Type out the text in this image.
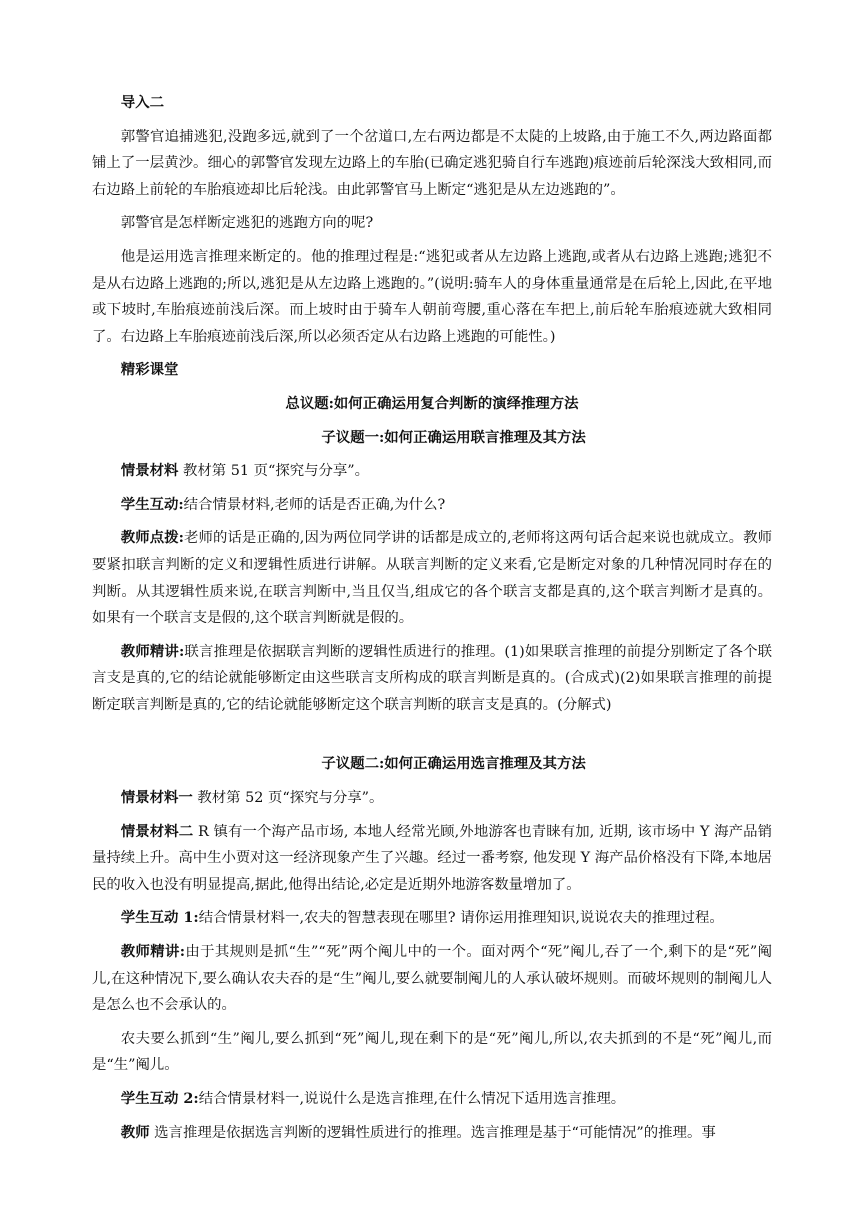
导入二

郭警官追捕逃犯,没跑多远,就到了一个岔道口,左右两边都是不太陡的上坡路,由于施工不久,两边路面都铺上了一层黄沙。细心的郭警官发现左边路上的车胎(已确定逃犯骑自行车逃跑)痕迹前后轮深浅大致相同,而右边路上前轮的车胎痕迹却比后轮浅。由此郭警官马上断定“逃犯是从左边逃跑的”。

郭警官是怎样断定逃犯的逃跑方向的呢?

他是运用选言推理来断定的。他的推理过程是:“逃犯或者从左边路上逃跑,或者从右边路上逃跑;逃犯不是从右边路上逃跑的;所以,逃犯是从左边路上逃跑的。”(说明:骑车人的身体重量通常是在后轮上,因此,在平地或下坡时,车胎痕迹前浅后深。而上坡时由于骑车人朝前弯腰,重心落在车把上,前后轮车胎痕迹就大致相同了。右边路上车胎痕迹前浅后深,所以必须否定从右边路上逃跑的可能性。)

精彩课堂

总议题:如何正确运用复合判断的演绎推理方法

子议题一:如何正确运用联言推理及其方法

情景材料 教材第 51 页“探究与分享”。

学生互动:结合情景材料,老师的话是否正确,为什么?

教师点拨:老师的话是正确的,因为两位同学讲的话都是成立的,老师将这两句话合起来说也就成立。教师要紧扣联言判断的定义和逻辑性质进行讲解。从联言判断的定义来看,它是断定对象的几种情况同时存在的判断。从其逻辑性质来说,在联言判断中,当且仅当,组成它的各个联言支都是真的,这个联言判断才是真的。如果有一个联言支是假的,这个联言判断就是假的。

教师精讲:联言推理是依据联言判断的逻辑性质进行的推理。(1)如果联言推理的前提分别断定了各个联言支是真的,它的结论就能够断定由这些联言支所构成的联言判断是真的。(合成式)(2)如果联言推理的前提断定联言判断是真的,它的结论就能够断定这个联言判断的联言支是真的。(分解式)

子议题二:如何正确运用选言推理及其方法

情景材料一 教材第 52 页“探究与分享”。

情景材料二 R 镇有一个海产品市场, 本地人经常光顾,外地游客也青睐有加, 近期, 该市场中 Y 海产品销量持续上升。高中生小贾对这一经济现象产生了兴趣。经过一番考察, 他发现 Y 海产品价格没有下降,本地居民的收入也没有明显提高,据此,他得出结论,必定是近期外地游客数量增加了。

学生互动 1:结合情景材料一,农夫的智慧表现在哪里? 请你运用推理知识,说说农夫的推理过程。

教师精讲:由于其规则是抓“生”“死”两个阄儿中的一个。面对两个“死”阄儿,吞了一个,剩下的是“死”阄儿,在这种情况下,要么确认农夫吞的是“生”阄儿,要么就要制阄儿的人承认破坏规则。而破坏规则的制阄儿人是怎么也不会承认的。

农夫要么抓到“生”阄儿,要么抓到“死”阄儿,现在剩下的是“死”阄儿,所以,农夫抓到的不是“死”阄儿,而是“生”阄儿。

学生互动 2:结合情景材料一,说说什么是选言推理,在什么情况下适用选言推理。

教师 选言推理是依据选言判断的逻辑性质进行的推理。选言推理是基于“可能情况”的推理。事
